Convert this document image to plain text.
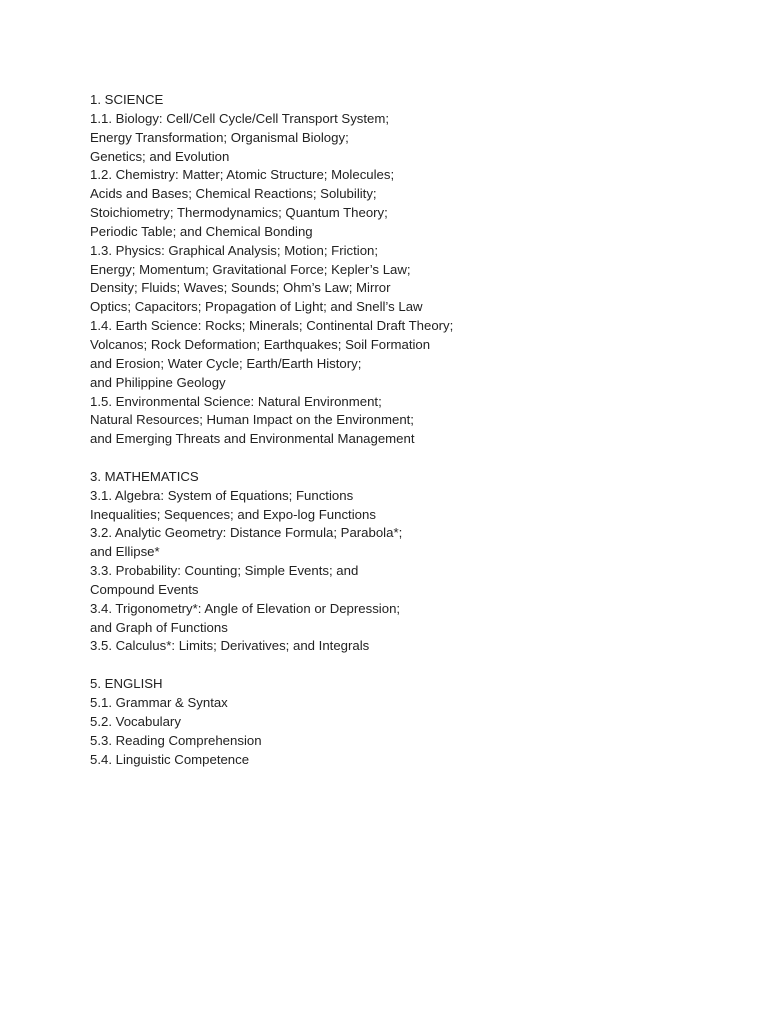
1. SCIENCE
1.1. Biology: Cell/Cell Cycle/Cell Transport System;
Energy Transformation; Organismal Biology;
Genetics; and Evolution
1.2. Chemistry: Matter; Atomic Structure; Molecules;
Acids and Bases; Chemical Reactions; Solubility;
Stoichiometry; Thermodynamics; Quantum Theory;
Periodic Table; and Chemical Bonding
1.3. Physics: Graphical Analysis; Motion; Friction;
Energy; Momentum; Gravitational Force; Kepler’s Law;
Density; Fluids; Waves; Sounds; Ohm’s Law; Mirror
Optics; Capacitors; Propagation of Light; and Snell’s Law
1.4. Earth Science: Rocks; Minerals; Continental Draft Theory;
Volcanos; Rock Deformation; Earthquakes; Soil Formation
and Erosion; Water Cycle; Earth/Earth History;
and Philippine Geology
1.5. Environmental Science: Natural Environment;
Natural Resources; Human Impact on the Environment;
and Emerging Threats and Environmental Management
3. MATHEMATICS
3.1. Algebra: System of Equations; Functions
Inequalities; Sequences; and Expo-log Functions
3.2. Analytic Geometry: Distance Formula; Parabola*;
and Ellipse*
3.3. Probability: Counting; Simple Events; and
Compound Events
3.4. Trigonometry*: Angle of Elevation or Depression;
and Graph of Functions
3.5. Calculus*: Limits; Derivatives; and Integrals
5. ENGLISH
5.1. Grammar & Syntax
5.2. Vocabulary
5.3. Reading Comprehension
5.4. Linguistic Competence
